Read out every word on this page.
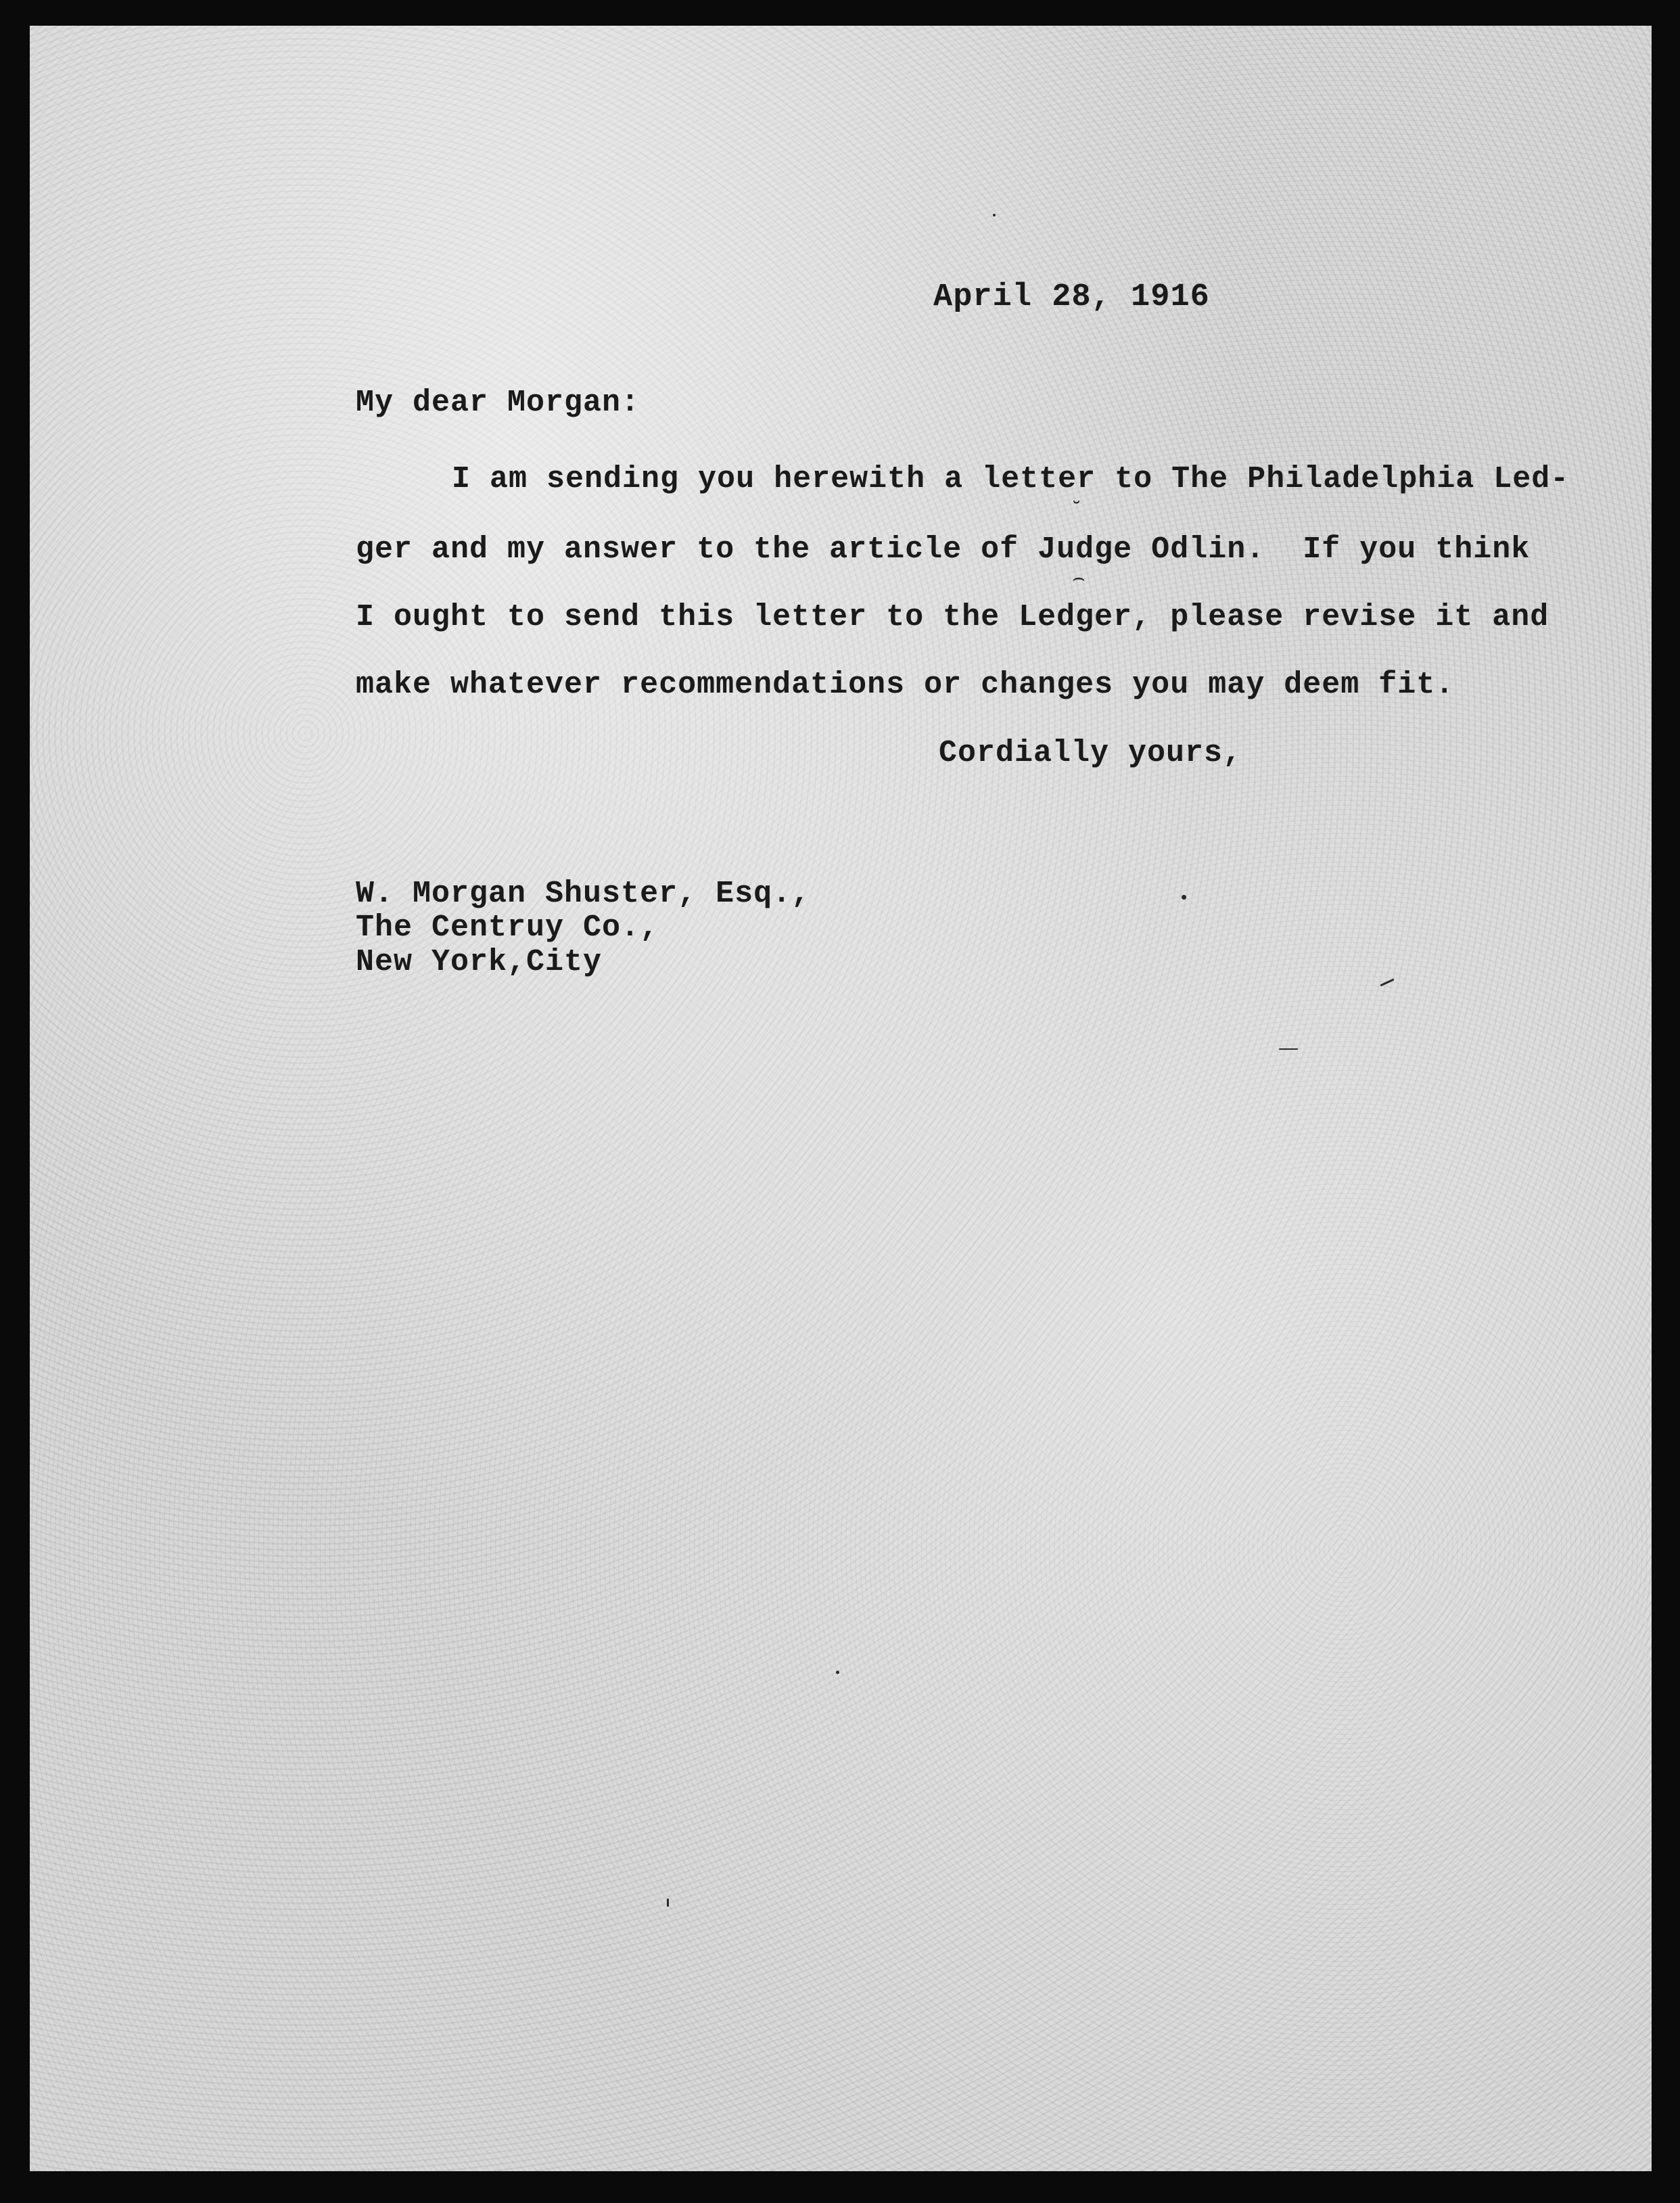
April 28, 1916
My dear Morgan:
I am sending you herewith a letter to The Philadelphia Led-
˘
ger and my answer to the article of Judge Odlin.  If you think
⌢
I ought to send this letter to the Ledger, please revise it and
make whatever recommendations or changes you may deem fit.
Cordially yours,
W. Morgan Shuster, Esq.,
The Centruy Co.,
New York,City
